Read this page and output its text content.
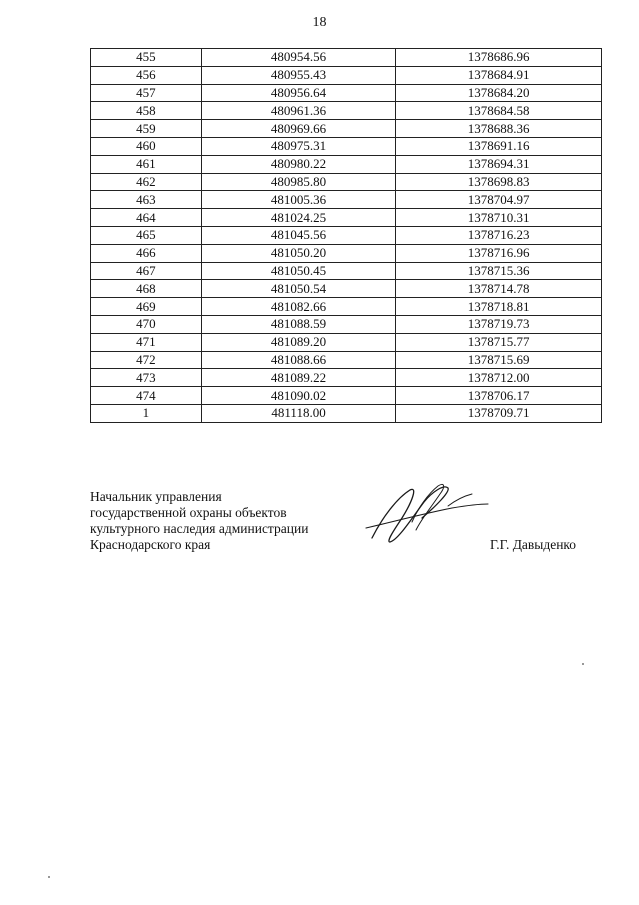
18
455	480954.56	1378686.96
456	480955.43	1378684.91
457	480956.64	1378684.20
458	480961.36	1378684.58
459	480969.66	1378688.36
460	480975.31	1378691.16
461	480980.22	1378694.31
462	480985.80	1378698.83
463	481005.36	1378704.97
464	481024.25	1378710.31
465	481045.56	1378716.23
466	481050.20	1378716.96
467	481050.45	1378715.36
468	481050.54	1378714.78
469	481082.66	1378718.81
470	481088.59	1378719.73
471	481089.20	1378715.77
472	481088.66	1378715.69
473	481089.22	1378712.00
474	481090.02	1378706.17
1	481118.00	1378709.71
Начальник управления
государственной охраны объектов
культурного наследия администрации
Краснодарского края	Г.Г. Давыденко
